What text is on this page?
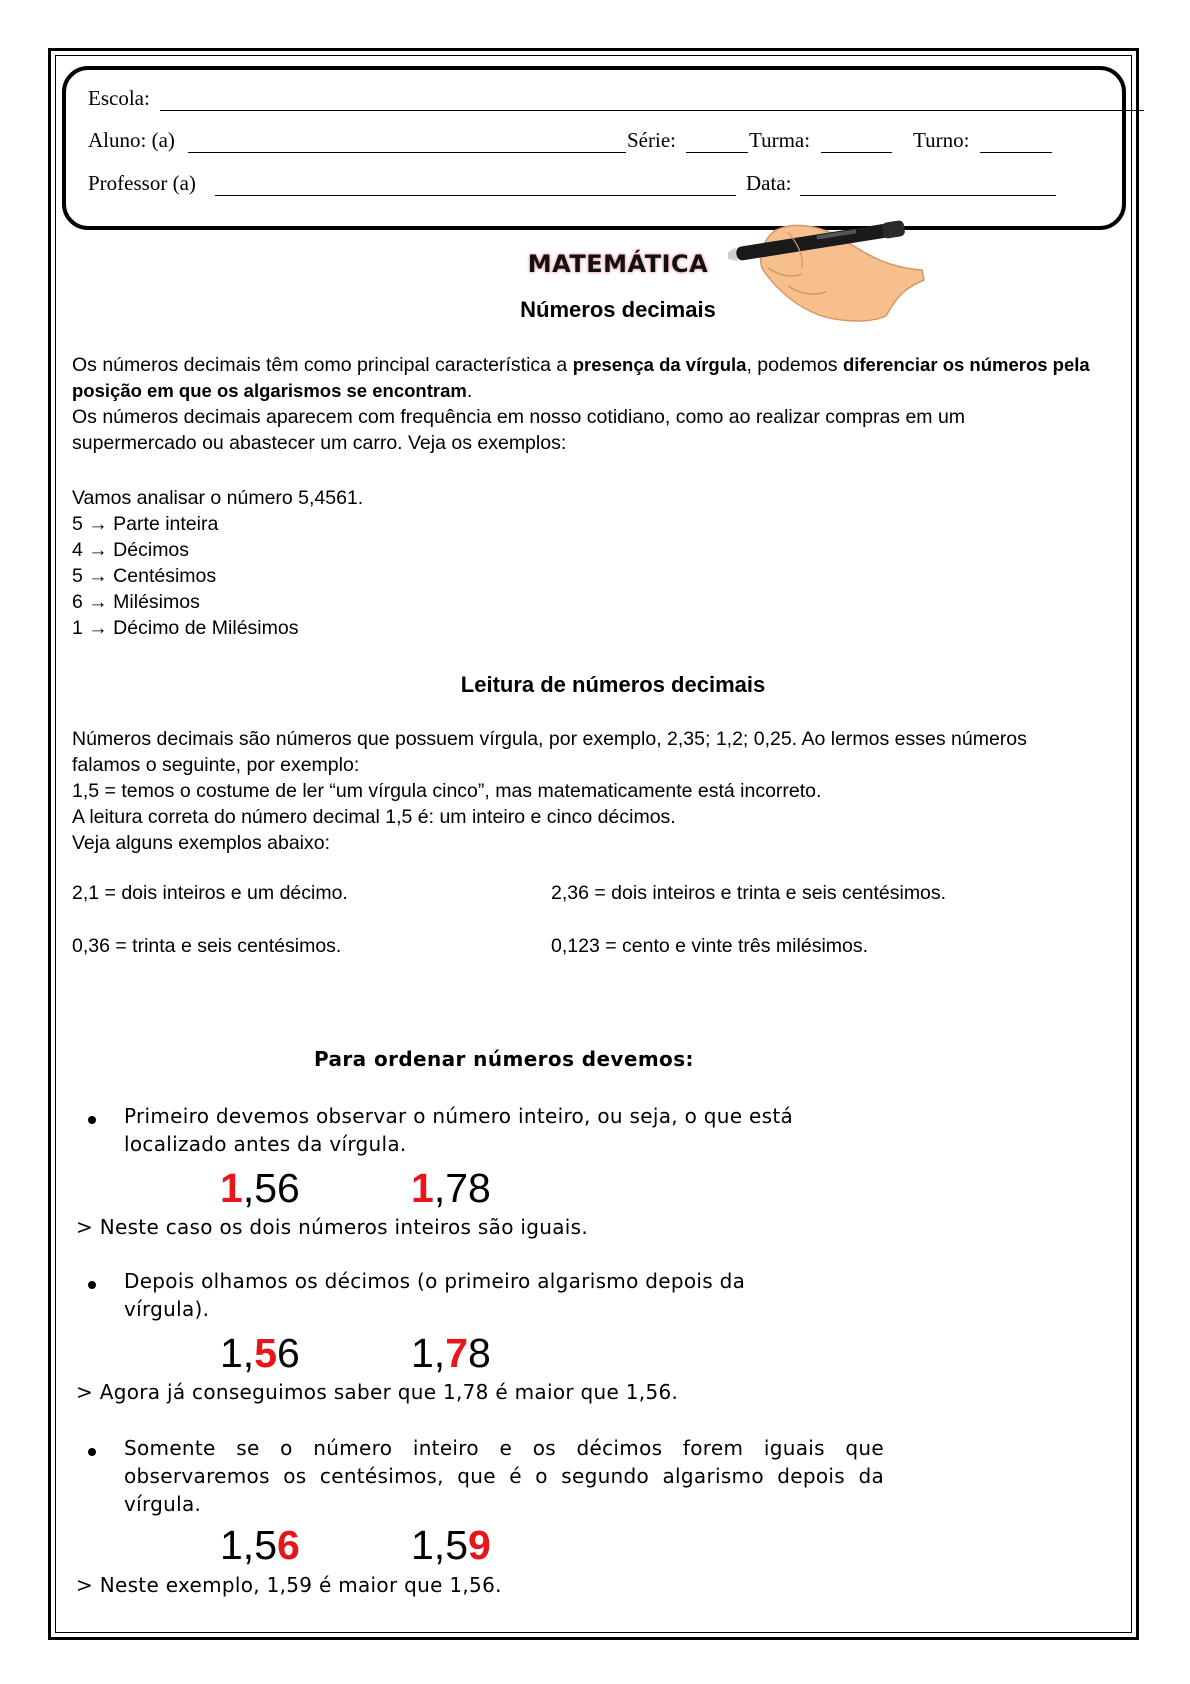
Escola:
Aluno: (a)	Série:	Turma:	Turno:
Professor (a)	Data:
MATEMÁTICA
Números decimais
Os números decimais têm como principal característica a presença da vírgula, podemos diferenciar os números pela
posição em que os algarismos se encontram.
Os números decimais aparecem com frequência em nosso cotidiano, como ao realizar compras em um
supermercado ou abastecer um carro. Veja os exemplos:
Vamos analisar o número 5,4561.
5 → Parte inteira
4 → Décimos
5 → Centésimos
6 → Milésimos
1 → Décimo de Milésimos
Leitura de números decimais
Números decimais são números que possuem vírgula, por exemplo, 2,35; 1,2; 0,25. Ao lermos esses números
falamos o seguinte, por exemplo:
1,5 = temos o costume de ler “um vírgula cinco”, mas matematicamente está incorreto.
A leitura correta do número decimal 1,5 é: um inteiro e cinco décimos.
Veja alguns exemplos abaixo:
2,1 = dois inteiros e um décimo.	2,36 = dois inteiros e trinta e seis centésimos.
0,36 = trinta e seis centésimos.	0,123 = cento e vinte três milésimos.
Para ordenar números devemos:
Primeiro devemos observar o número inteiro, ou seja, o que está
localizado antes da vírgula.
1,56	1,78
> Neste caso os dois números inteiros são iguais.
Depois olhamos os décimos (o primeiro algarismo depois da
vírgula).
1,56	1,78
> Agora já conseguimos saber que 1,78 é maior que 1,56.
Somente se o número inteiro e os décimos forem iguais que
observaremos os centésimos, que é o segundo algarismo depois da
vírgula.
1,56	1,59
> Neste exemplo, 1,59 é maior que 1,56.
